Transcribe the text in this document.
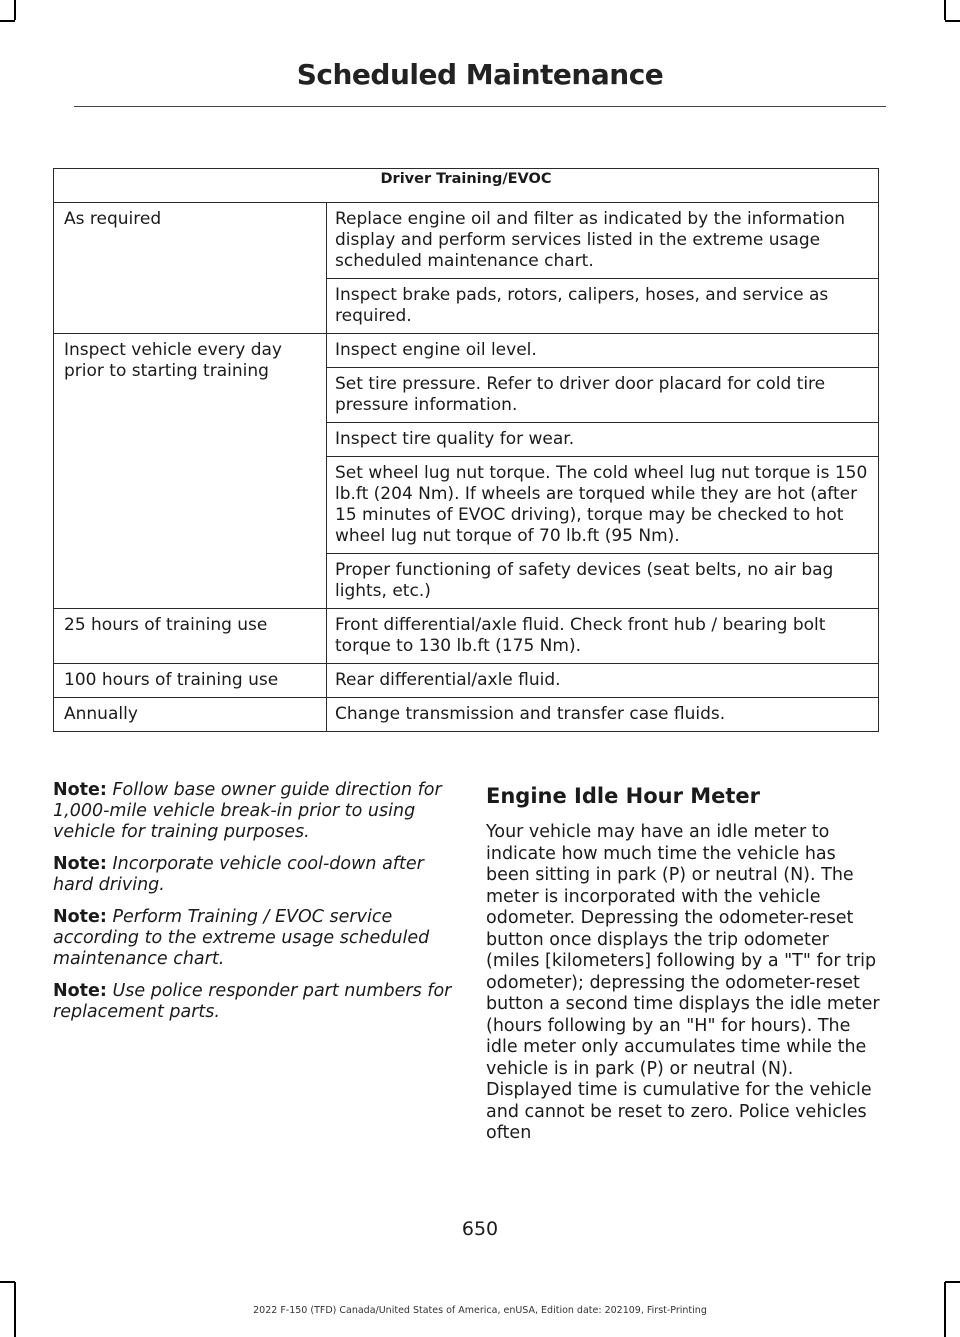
Scheduled Maintenance
Driver Training/EVOC	
As required	Replace engine oil and filter as indicated by the information display and perform services listed in the extreme usage scheduled maintenance chart.
	Inspect brake pads, rotors, calipers, hoses, and service as required.
Inspect vehicle every day prior to starting training	Inspect engine oil level.
	Set tire pressure. Refer to driver door placard for cold tire pressure information.
	Inspect tire quality for wear.
	Set wheel lug nut torque. The cold wheel lug nut torque is 150 lb.ft (204 Nm). If wheels are torqued while they are hot (after 15 minutes of EVOC driving), torque may be checked to hot wheel lug nut torque of 70 lb.ft (95 Nm).
	Proper functioning of safety devices (seat belts, no air bag lights, etc.)
25 hours of training use	Front differential/axle fluid. Check front hub / bearing bolt torque to 130 lb.ft (175 Nm).
100 hours of training use	Rear differential/axle fluid.
Annually	Change transmission and transfer case fluids.

Note: Follow base owner guide direction for 1,000-mile vehicle break-in prior to using vehicle for training purposes.

Note: Incorporate vehicle cool-down after hard driving.

Note: Perform Training / EVOC service according to the extreme usage scheduled maintenance chart.

Note: Use police responder part numbers for replacement parts.

Engine Idle Hour Meter

Your vehicle may have an idle meter to indicate how much time the vehicle has been sitting in park (P) or neutral (N). The meter is incorporated with the vehicle odometer. Depressing the odometer-reset button once displays the trip odometer (miles [kilometers] following by a "T" for trip odometer); depressing the odometer-reset button a second time displays the idle meter (hours following by an "H" for hours). The idle meter only accumulates time while the vehicle is in park (P) or neutral (N). Displayed time is cumulative for the vehicle and cannot be reset to zero. Police vehicles often

650
2022 F-150 (TFD) Canada/United States of America, enUSA, Edition date: 202109, First-Printing
